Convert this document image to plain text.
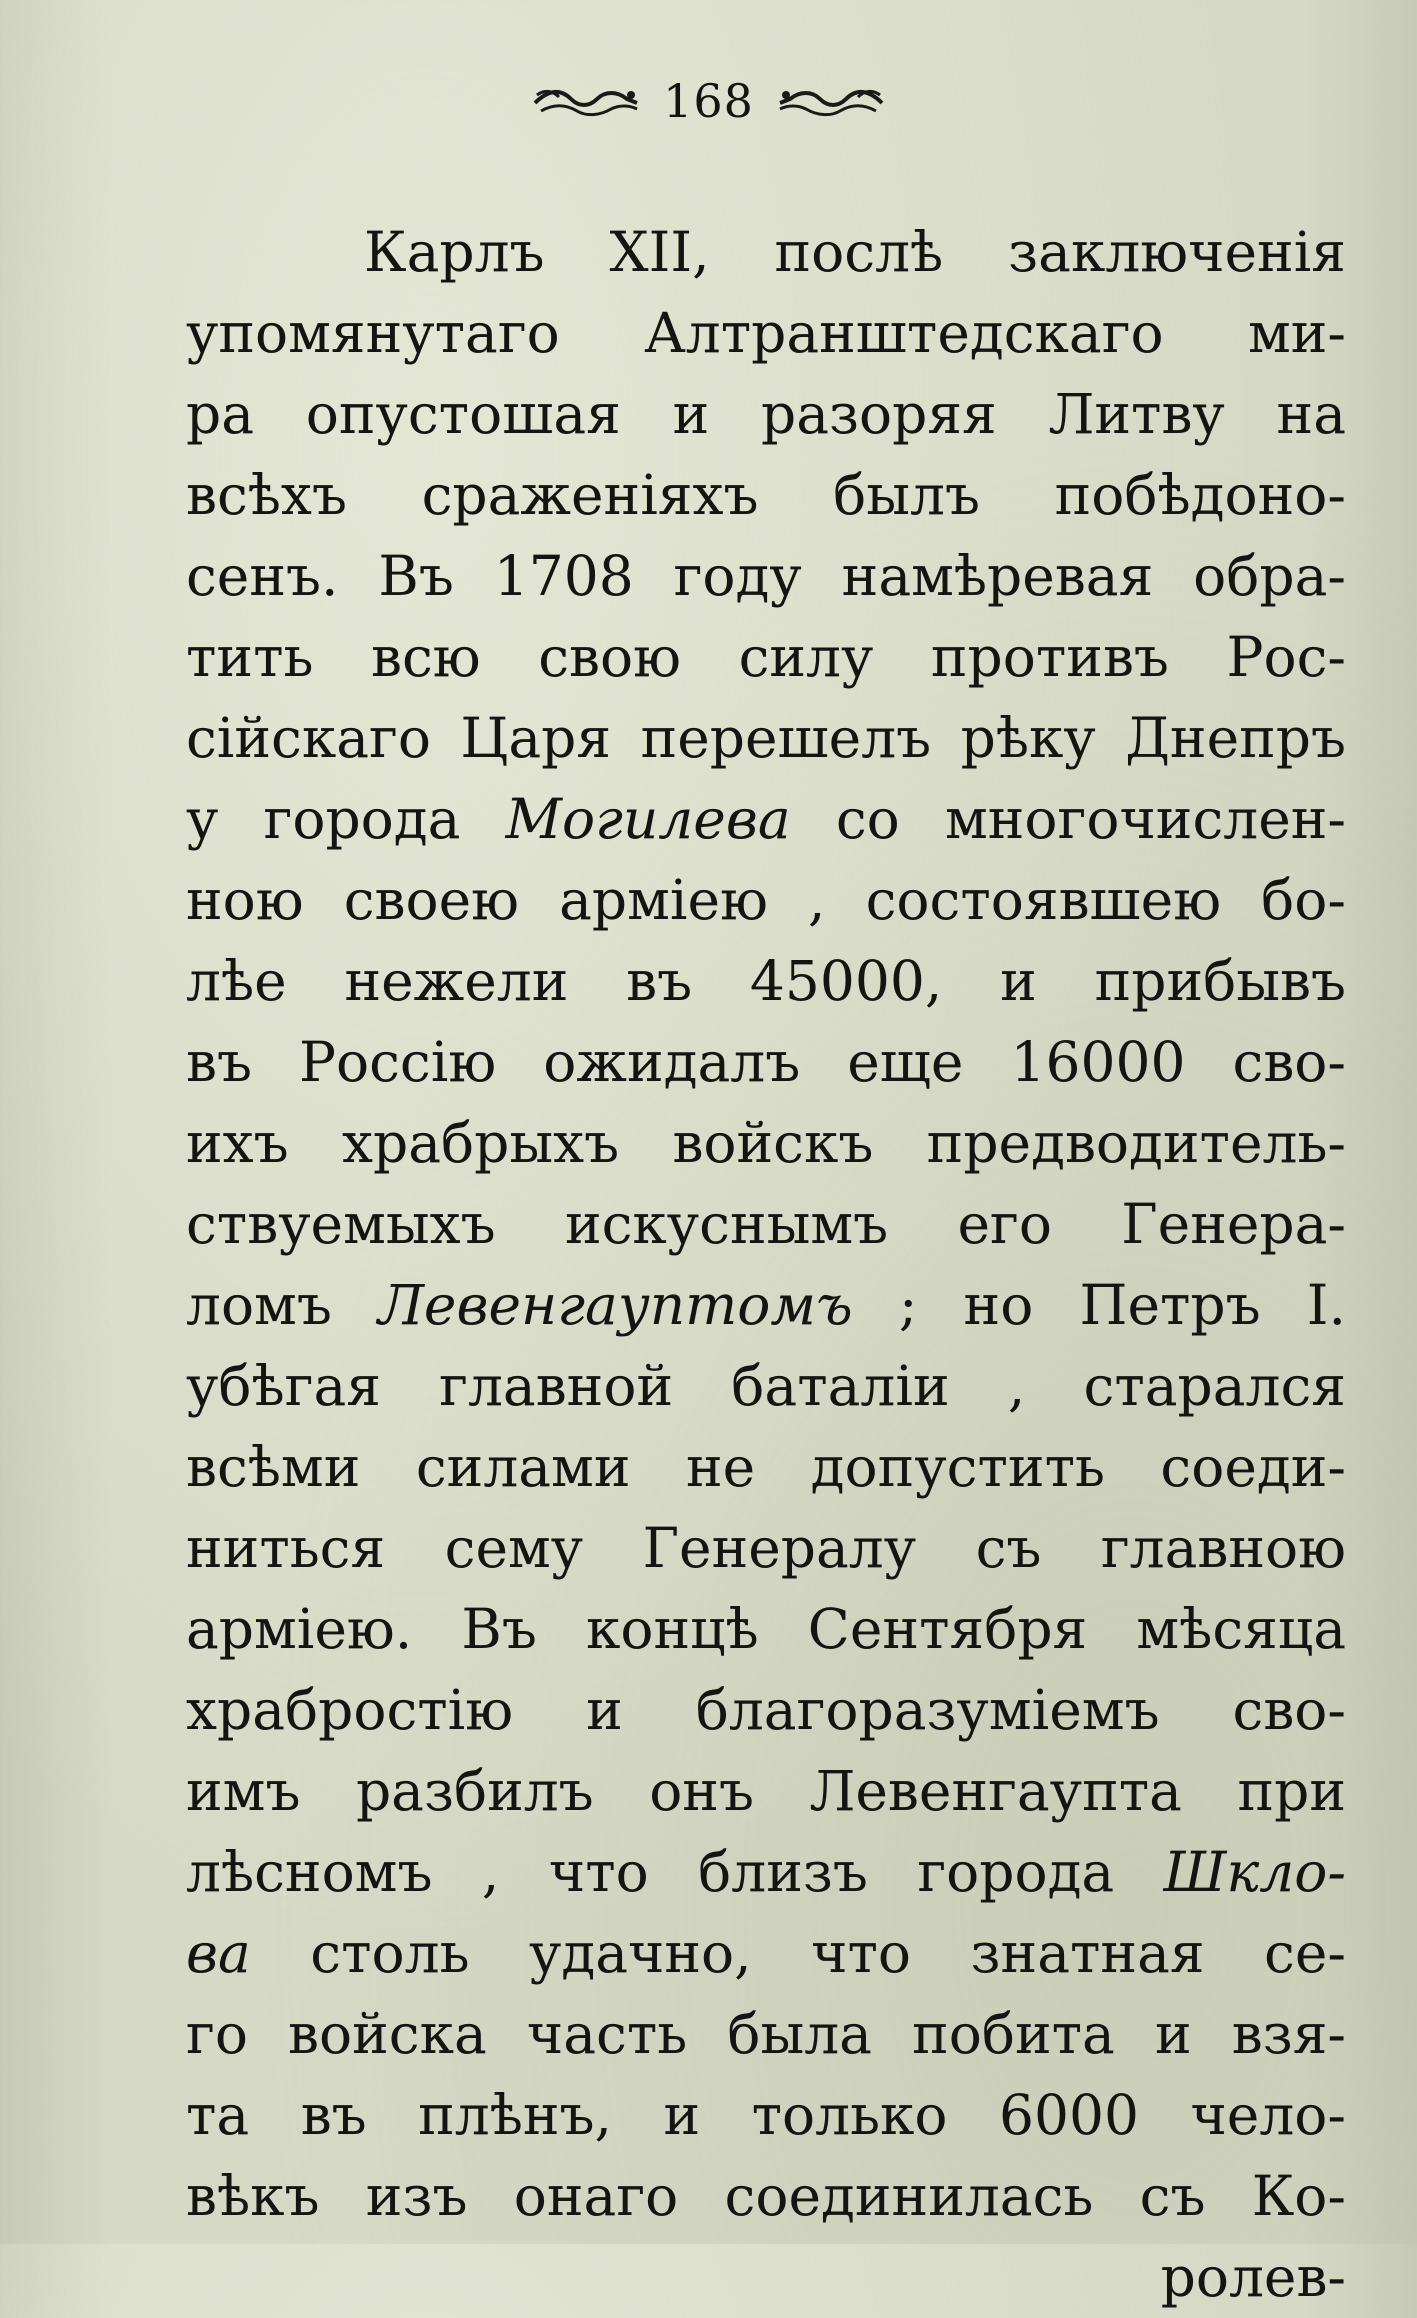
168
Карлъ XII, послѣ заключенія
упомянутаго Алтранштедскаго ми-
ра опустошая и разоряя Литву на
всѣхъ сраженіяхъ былъ побѣдоно-
сенъ. Въ 1708 году намѣревая обра-
тить всю свою силу противъ Рос-
сійскаго Царя перешелъ рѣку Днепръ
у города Могилева со многочислен-
ною своею арміею , состоявшею бо-
лѣе нежели въ 45000, и прибывъ
въ Россію ожидалъ еще 16000 сво-
ихъ храбрыхъ войскъ предводитель-
ствуемыхъ искуснымъ его Генера-
ломъ Левенгауптомъ ; но Петръ I.
убѣгая главной баталіи , старался
всѣми силами не допустить соеди-
ниться сему Генералу съ главною
арміею. Въ концѣ Сентября мѣсяца
храбростію и благоразуміемъ сво-
имъ разбилъ онъ Левенгаупта при
лѣсномъ , что близъ города Шкло-
ва столь удачно, что знатная се-
го войска часть была побита и взя-
та въ плѣнъ, и только 6000 чело-
вѣкъ изъ онаго соединилась съ Ко-
ролев-
